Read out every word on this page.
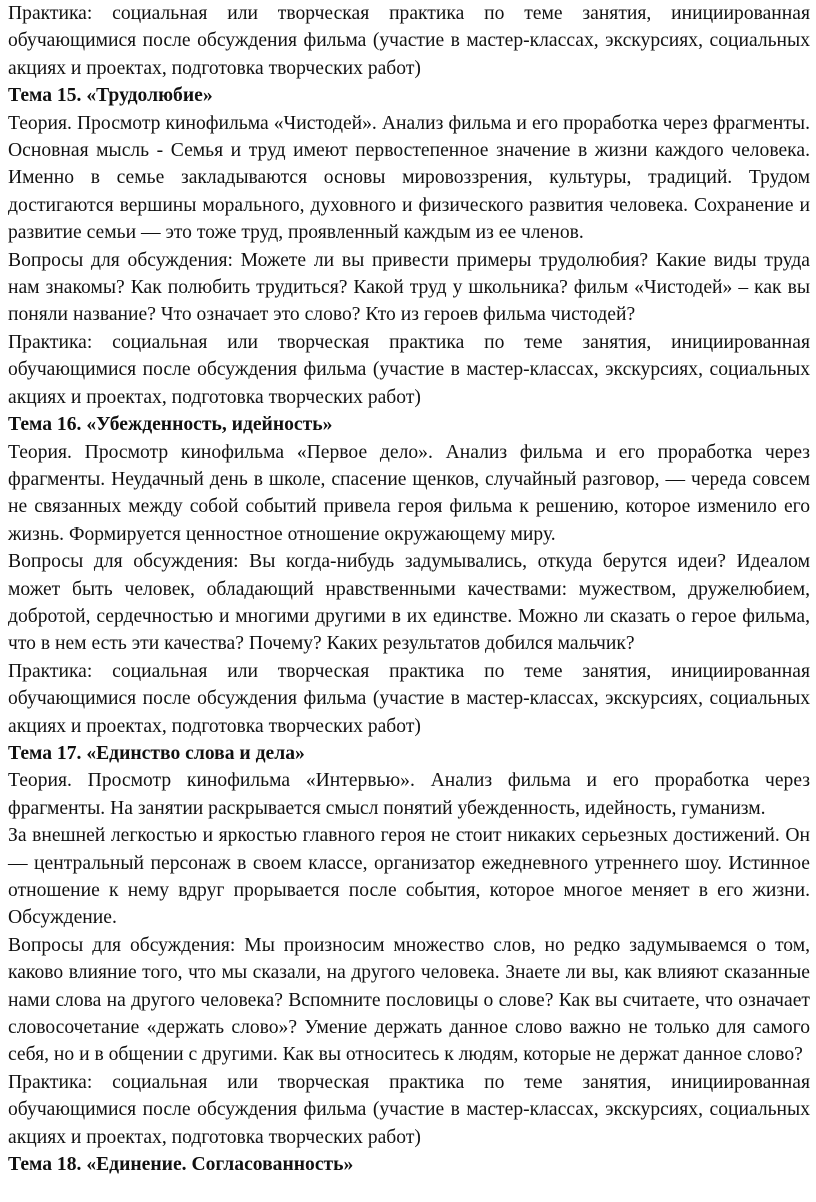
Практика: социальная или творческая практика по теме занятия, инициированная обучающимися после обсуждения фильма (участие в мастер-классах, экскурсиях, социальных акциях и проектах, подготовка творческих работ)

Тема 15. «Трудолюбие»

Теория. Просмотр кинофильма «Чистодей». Анализ фильма и его проработка через фрагменты. Основная мысль - Семья и труд имеют первостепенное значение в жизни каждого человека. Именно в семье закладываются основы мировоззрения, культуры, традиций. Трудом достигаются вершины морального, духовного и физического развития человека. Сохранение и развитие семьи — это тоже труд, проявленный каждым из ее членов.

Вопросы для обсуждения: Можете ли вы привести примеры трудолюбия? Какие виды труда нам знакомы? Как полюбить трудиться? Какой труд у школьника? фильм «Чистодей» – как вы поняли название? Что означает это слово? Кто из героев фильма чистодей?

Практика: социальная или творческая практика по теме занятия, инициированная обучающимися после обсуждения фильма (участие в мастер-классах, экскурсиях, социальных акциях и проектах, подготовка творческих работ)

Тема 16. «Убежденность, идейность»

Теория. Просмотр кинофильма «Первое дело». Анализ фильма и его проработка через фрагменты. Неудачный день в школе, спасение щенков, случайный разговор, — череда совсем не связанных между собой событий привела героя фильма к решению, которое изменило его жизнь. Формируется ценностное отношение окружающему миру.

Вопросы для обсуждения: Вы когда-нибудь задумывались, откуда берутся идеи? Идеалом может быть человек, обладающий нравственными качествами: мужеством, дружелюбием, добротой, сердечностью и многими другими в их единстве. Можно ли сказать о герое фильма, что в нем есть эти качества? Почему? Каких результатов добился мальчик?

Практика: социальная или творческая практика по теме занятия, инициированная обучающимися после обсуждения фильма (участие в мастер-классах, экскурсиях, социальных акциях и проектах, подготовка творческих работ)

Тема 17. «Единство слова и дела»

Теория. Просмотр кинофильма «Интервью». Анализ фильма и его проработка через фрагменты. На занятии раскрывается смысл понятий убежденность, идейность, гуманизм.

За внешней легкостью и яркостью главного героя не стоит никаких серьезных достижений. Он — центральный персонаж в своем классе, организатор ежедневного утреннего шоу. Истинное отношение к нему вдруг прорывается после события, которое многое меняет в его жизни. Обсуждение.

Вопросы для обсуждения: Мы произносим множество слов, но редко задумываемся о том, каково влияние того, что мы сказали, на другого человека. Знаете ли вы, как влияют сказанные нами слова на другого человека? Вспомните пословицы о слове? Как вы считаете, что означает словосочетание «держать слово»? Умение держать данное слово важно не только для самого себя, но и в общении с другими. Как вы относитесь к людям, которые не держат данное слово?

Практика: социальная или творческая практика по теме занятия, инициированная обучающимися после обсуждения фильма (участие в мастер-классах, экскурсиях, социальных акциях и проектах, подготовка творческих работ)

Тема 18. «Единение. Согласованность»
